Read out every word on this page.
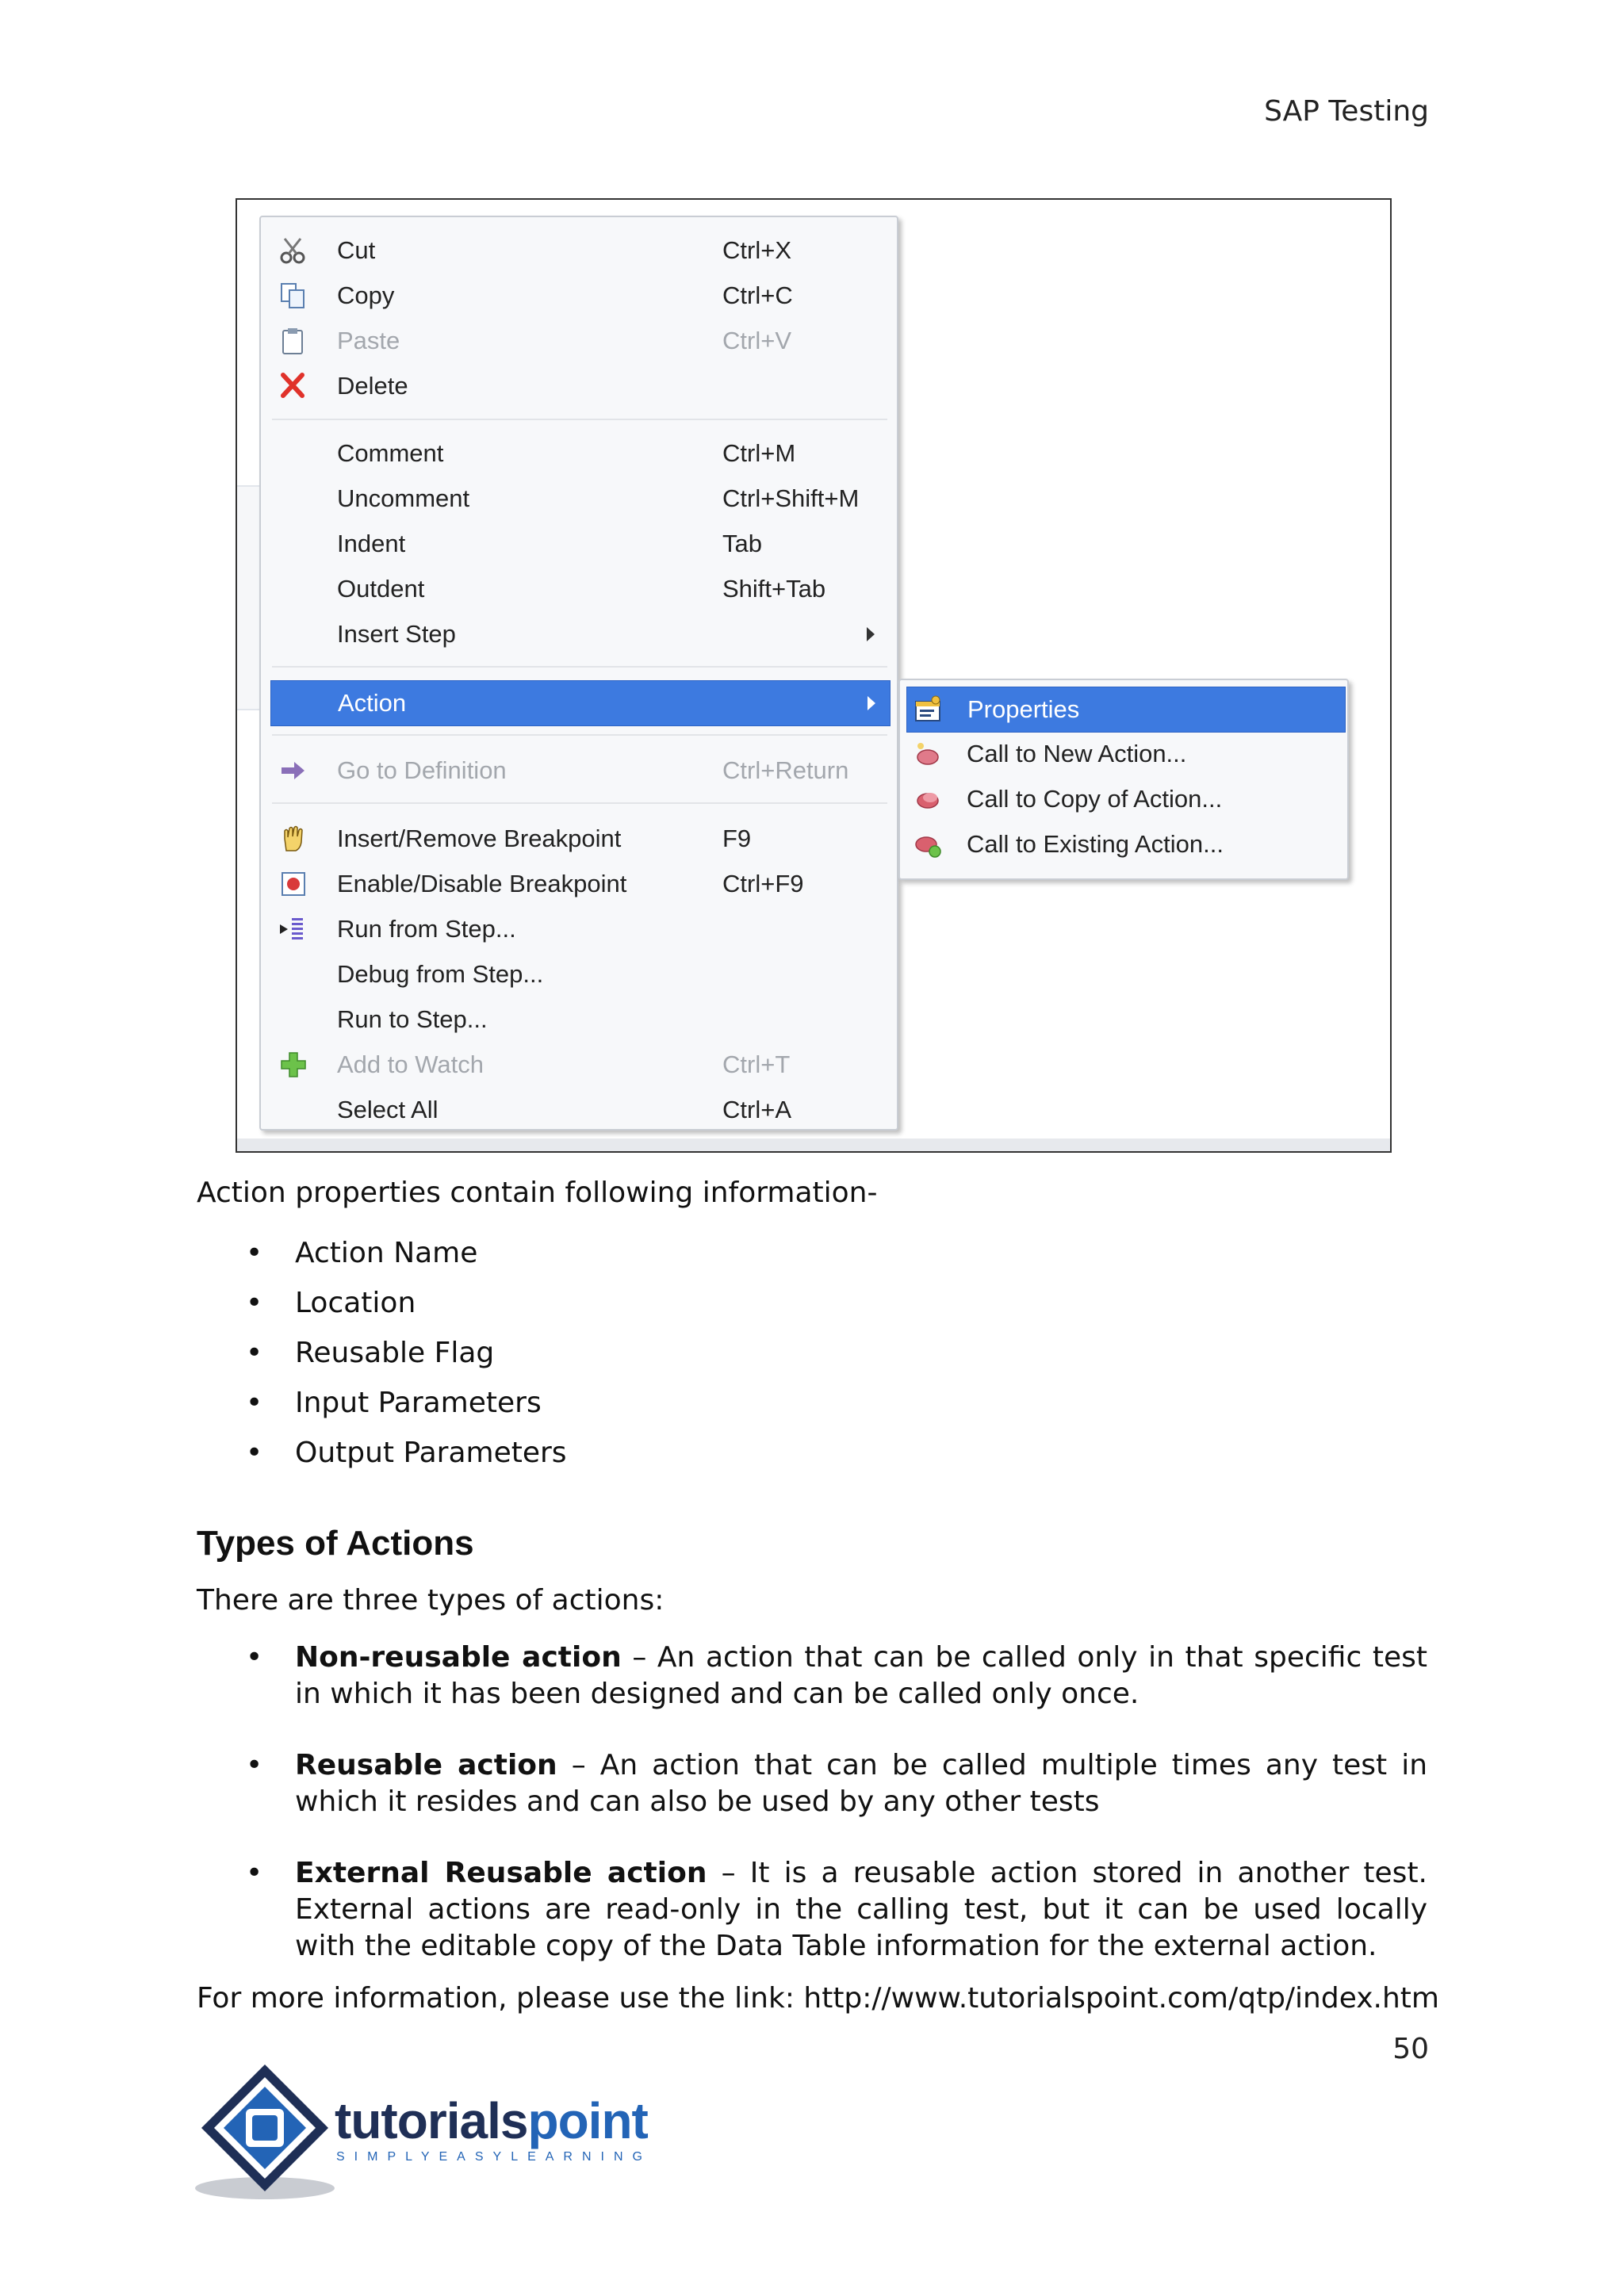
SAP Testing
Cut	Ctrl+X
Copy	Ctrl+C
Paste	Ctrl+V
Delete
Comment	Ctrl+M
Uncomment	Ctrl+Shift+M
Indent	Tab
Outdent	Shift+Tab
Insert Step
Action
Go to Definition	Ctrl+Return
Insert/Remove Breakpoint	F9
Enable/Disable Breakpoint	Ctrl+F9
Run from Step...
Debug from Step...
Run to Step...
Add to Watch	Ctrl+T
Select All	Ctrl+A
Properties
Call to New Action...
Call to Copy of Action...
Call to Existing Action...
Action properties contain following information-
• Action Name
• Location
• Reusable Flag
• Input Parameters
• Output Parameters
Types of Actions
There are three types of actions:
• Non-reusable action – An action that can be called only in that specific test in which it has been designed and can be called only once.
• Reusable action – An action that can be called multiple times any test in which it resides and can also be used by any other tests
• External Reusable action – It is a reusable action stored in another test. External actions are read-only in the calling test, but it can be used locally with the editable copy of the Data Table information for the external action.
For more information, please use the link: http://www.tutorialspoint.com/qtp/index.htm
50
tutorialspoint
SIMPLYEASYLEARNING
